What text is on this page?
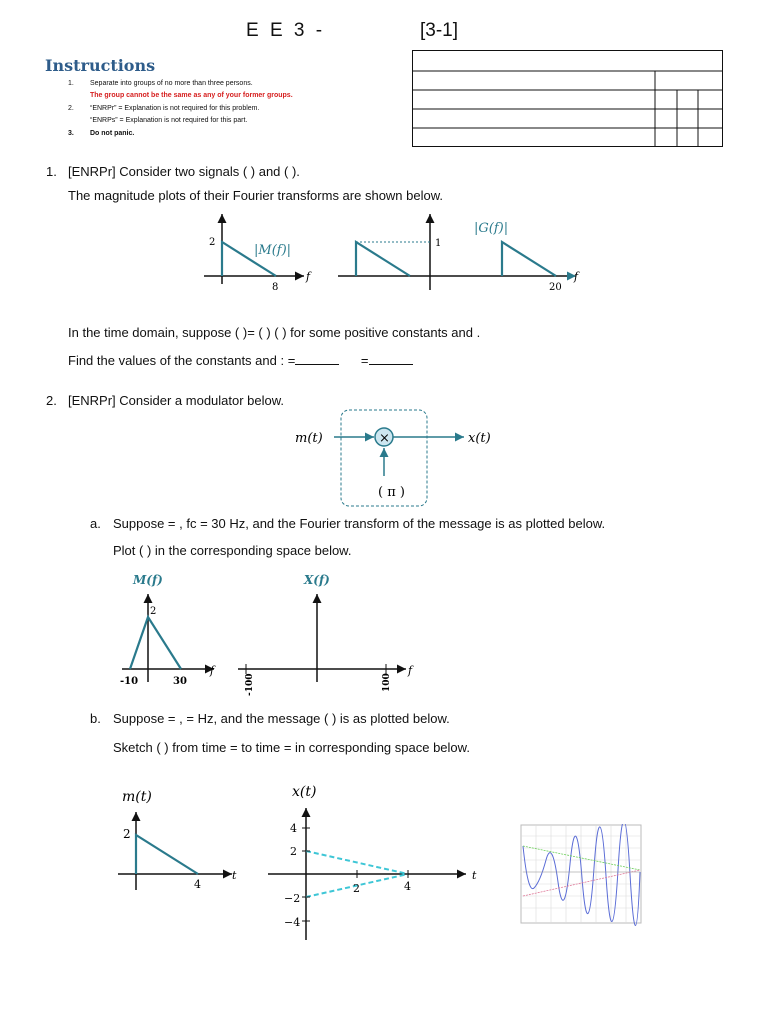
E E 3 -	[3-1]
Instructions
1. Separate into groups of no more than three persons.
The group cannot be the same as any of your former groups.
2. “ENRPr” = Explanation is not required for this problem.
“ENRPs” = Explanation is not required for this part.
3. Do not panic.
1. [ENRPr] Consider two signals ( ) and ( ).
The magnitude plots of their Fourier transforms are shown below.
2
8
f
|M(f)|	1
20
f
|G(f)|
In the time domain, suppose ( )= ( ) ( ) for some positive constants and .
Find the values of the constants and : =	=
2. [ENRPr] Consider a modulator below.
×
m(t)	x(t)
( π )
a. Suppose = , fᴄ = 30 Hz, and the Fourier transform of the message is as plotted below.
Plot ( ) in the corresponding space below.
M(f)
2
-10	30
f
X(f)
-100	100
f
b. Suppose = , = Hz, and the message ( ) is as plotted below.
Sketch ( ) from time = to time = in corresponding space below.
m(t)
2
4
t
x(t)
4
2
−2
−4
2	4
t
